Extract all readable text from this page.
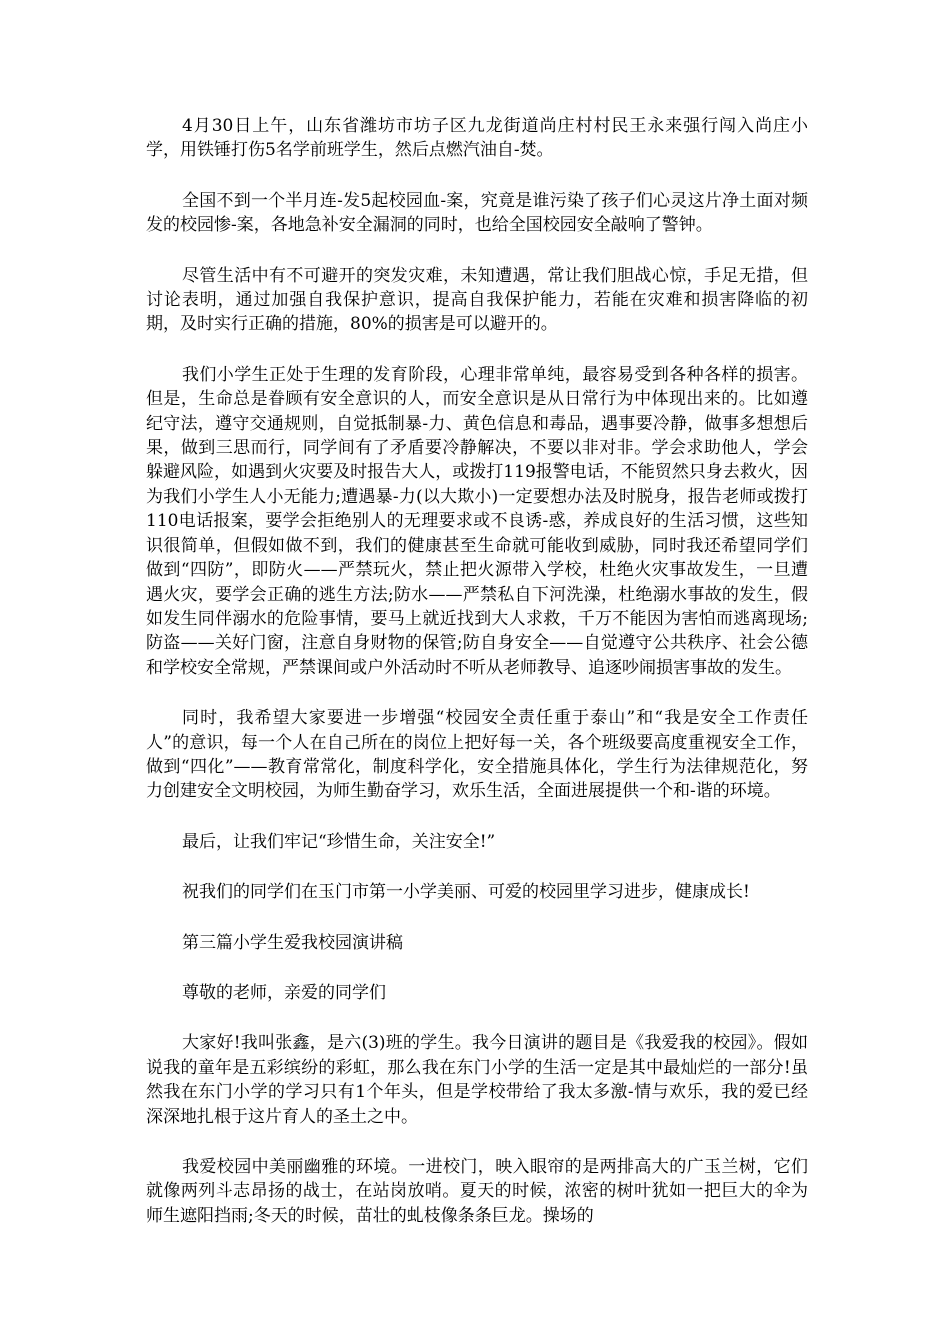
4月30日上午，山东省潍坊市坊子区九龙街道尚庄村村民王永来强行闯入尚庄小学，用铁锤打伤5名学前班学生，然后点燃汽油自-焚。

全国不到一个半月连-发5起校园血-案，究竟是谁污染了孩子们心灵这片净土面对频发的校园惨-案，各地急补安全漏洞的同时，也给全国校园安全敲响了警钟。

尽管生活中有不可避开的突发灾难，未知遭遇，常让我们胆战心惊，手足无措，但讨论表明，通过加强自我保护意识，提高自我保护能力，若能在灾难和损害降临的初期，及时实行正确的措施，80%的损害是可以避开的。

我们小学生正处于生理的发育阶段，心理非常单纯，最容易受到各种各样的损害。但是，生命总是眷顾有安全意识的人，而安全意识是从日常行为中体现出来的。比如遵纪守法，遵守交通规则，自觉抵制暴-力、黄色信息和毒品，遇事要冷静，做事多想想后果，做到三思而行，同学间有了矛盾要冷静解决，不要以非对非。学会求助他人，学会躲避风险，如遇到火灾要及时报告大人，或拨打119报警电话，不能贸然只身去救火，因为我们小学生人小无能力;遭遇暴-力(以大欺小)一定要想办法及时脱身，报告老师或拨打110电话报案，要学会拒绝别人的无理要求或不良诱-惑，养成良好的生活习惯，这些知识很简单，但假如做不到，我们的健康甚至生命就可能收到威胁，同时我还希望同学们做到“四防”，即防火——严禁玩火，禁止把火源带入学校，杜绝火灾事故发生，一旦遭遇火灾，要学会正确的逃生方法;防水——严禁私自下河洗澡，杜绝溺水事故的发生，假如发生同伴溺水的危险事情，要马上就近找到大人求救，千万不能因为害怕而逃离现场;防盗——关好门窗，注意自身财物的保管;防自身安全——自觉遵守公共秩序、社会公德和学校安全常规，严禁课间或户外活动时不听从老师教导、追逐吵闹损害事故的发生。

同时，我希望大家要进一步增强“校园安全责任重于泰山”和“我是安全工作责任人”的意识，每一个人在自己所在的岗位上把好每一关，各个班级要高度重视安全工作，做到“四化”——教育常常化，制度科学化，安全措施具体化，学生行为法律规范化，努力创建安全文明校园，为师生勤奋学习，欢乐生活，全面进展提供一个和-谐的环境。

最后，让我们牢记“珍惜生命，关注安全!”

祝我们的同学们在玉门市第一小学美丽、可爱的校园里学习进步，健康成长!

第三篇小学生爱我校园演讲稿

尊敬的老师，亲爱的同学们

大家好!我叫张鑫，是六(3)班的学生。我今日演讲的题目是《我爱我的校园》。假如说我的童年是五彩缤纷的彩虹，那么我在东门小学的生活一定是其中最灿烂的一部分!虽然我在东门小学的学习只有1个年头，但是学校带给了我太多激-情与欢乐，我的爱已经深深地扎根于这片育人的圣土之中。

我爱校园中美丽幽雅的环境。一进校门，映入眼帘的是两排高大的广玉兰树，它们就像两列斗志昂扬的战士，在站岗放哨。夏天的时候，浓密的树叶犹如一把巨大的伞为师生遮阳挡雨;冬天的时候，苗壮的虬枝像条条巨龙。操场的
